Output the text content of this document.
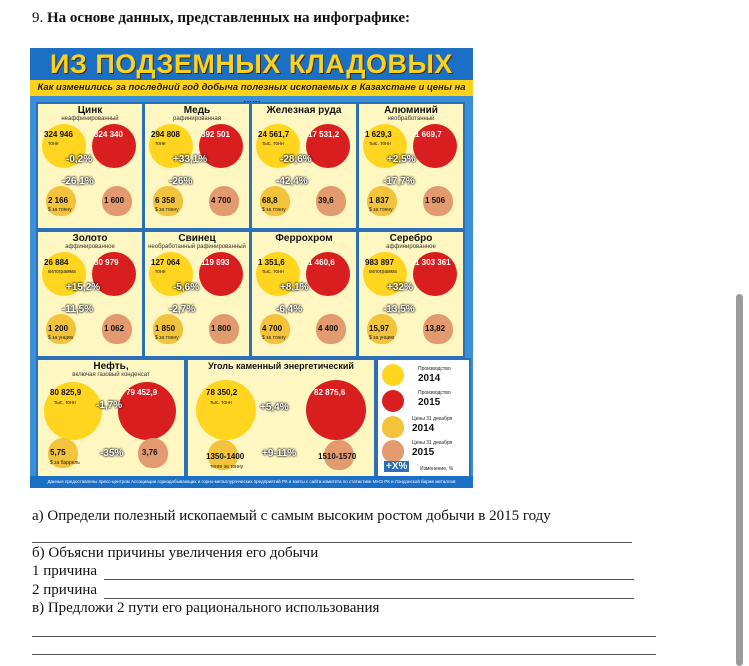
9. На основе данных, представленных на инфографике:
ИЗ ПОДЗЕМНЫХ КЛАДОВЫХ
Как изменились за последний год добыча полезных ископаемых в Казахстане и цены на
Цинк
неаффинированный
324 946	324 340
тонн
-0,2%
2 166	1 600
$ за тонну
-26,1%
Медь
рафинированная
294 808	392 501
тонн
+33,1%
6 358	4 700
$ за тонну
-26%
Железная руда
24 561,7 17 531,2
тыс. тонн
-28,6%
68,8	39,6
$ за тонну
-42,4%
Алюминий
необработанный
1 629,3	1 669,7
тыс. тонн
+2,5%
1 837	1 506
$ за тонну
-17,7%
Золото
аффинированное
26 884	30 979
килограмма
+15,2%
1 200	1 062
$ за унцию
-11,5%
Свинец
необработанный рафинированный
127 064	119 893
тонн
-5,6%
1 850	1 800
$ за тонну
-2,7%
Феррохром
1 351,6	1 460,6
тыс. тонн
+8,1%
4 700	4 400
$ за тонну
-6,4%
Серебро
аффинированное
983 897	1 303 361
килограмма
+32%
15,97	13,82
$ за унцию
-13,5%
Нефть,
включая газовый конденсат
80 825,9	79 452,9
тыс. тонн -1,7%
5,75	3,76
$ за баррель
-35%
Уголь каменный энергетический
78 350,2	82 875,6
тыс. тонн	+5,4%
1350-1400	1510-1570
тенге за тонну
+9-11%
Производство
2014
Производство
2015
Цены 31 декабря
2014
Цены 31 декабря
2015
+X%	Изменение, %
Данные предоставлены пресс-центром Ассоциации горнодобывающих и горно-металлургических предприятий РК и взяты с сайта комитета по статистике МНЭ РК и Лондонской бирже металлов
а) Определи полезный ископаемый с самым высоким ростом добычи в 2015 году
б) Объясни причины увеличения его добычи
1 причина
2 причина
в) Предложи 2 пути его рационального использования
